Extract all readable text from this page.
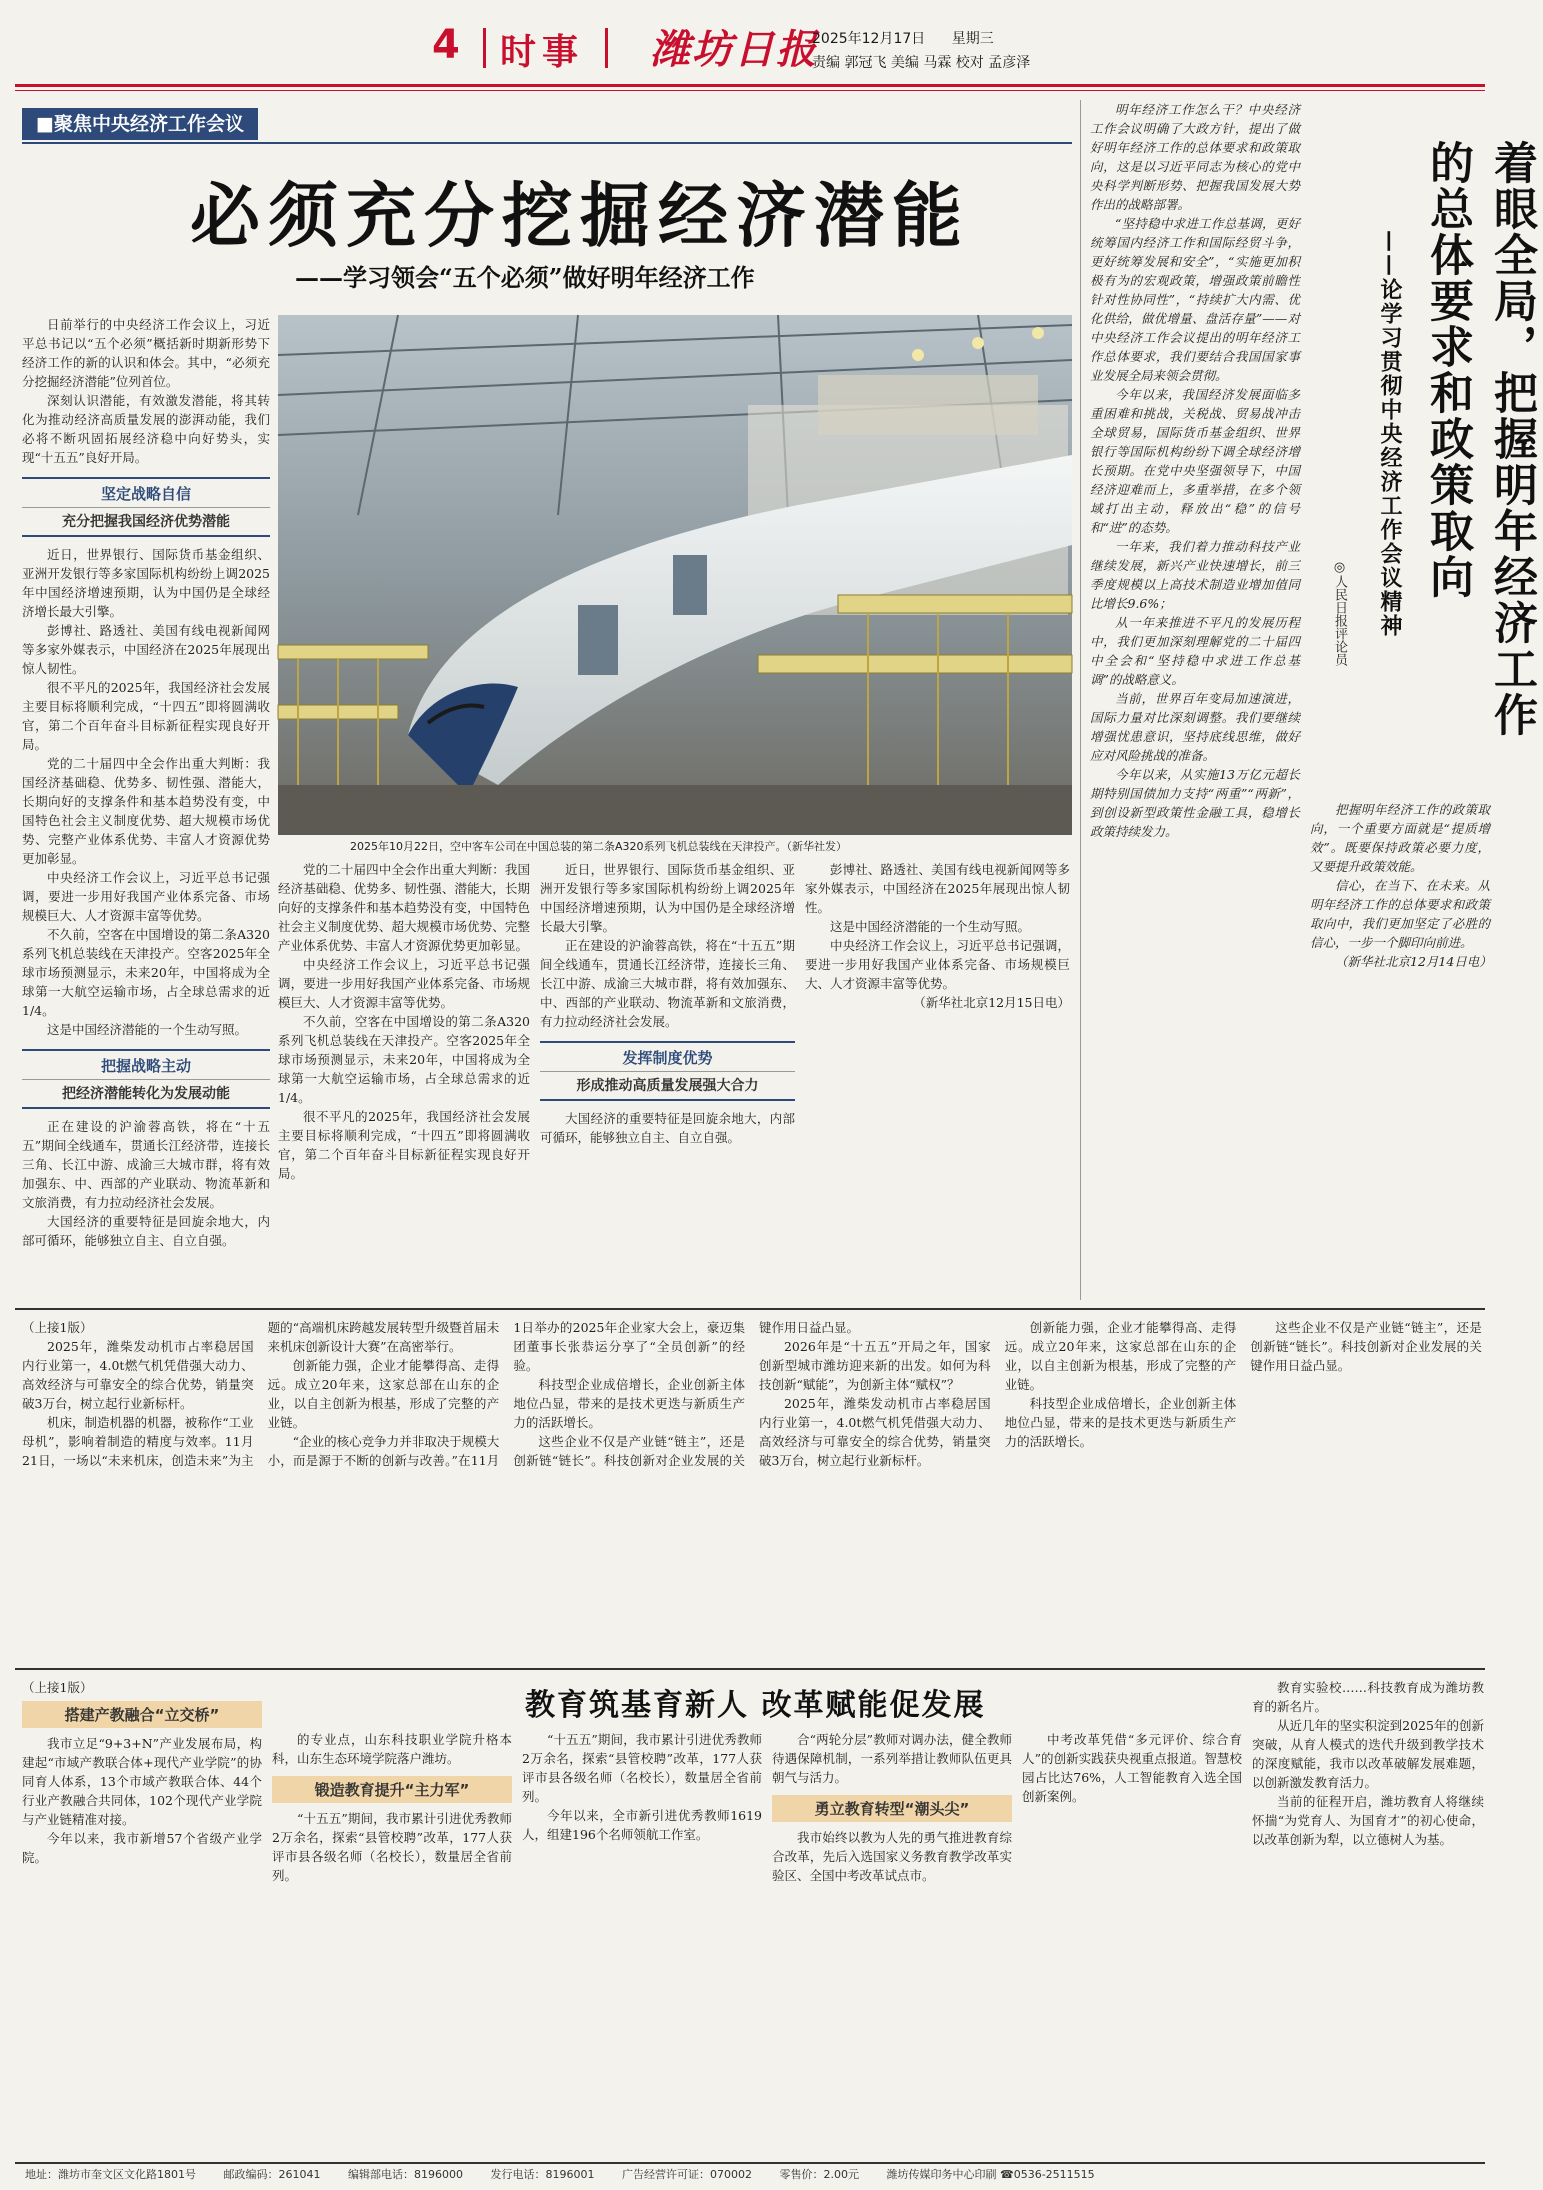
4 时事 潍坊日报
2025年12月17日 星期三
责编 郭冠飞 美编 马霖 校对 孟彦泽
■聚焦中央经济工作会议
必须充分挖掘经济潜能
——学习领会“五个必须”做好明年经济工作
2025年10月22日，空中客车公司在中国总装的第二条A320系列飞机总装线在天津投产。（新华社发）

日前举行的中央经济工作会议上，习近平总书记以“五个必须”概括新时期新形势下经济工作的新的认识和体会。其中，“必须充分挖掘经济潜能”位列首位。

深刻认识潜能，有效激发潜能，将其转化为推动经济高质量发展的澎湃动能，我们必将不断巩固拓展经济稳中向好势头，实现“十五五”良好开局。

坚定战略自信
充分把握我国经济优势潜能

近日，世界银行、国际货币基金组织、亚洲开发银行等多家国际机构纷纷上调2025年中国经济增速预期，认为中国仍是全球经济增长最大引擎。

彭博社、路透社、美国有线电视新闻网等多家外媒表示，中国经济在2025年展现出惊人韧性。

很不平凡的2025年，我国经济社会发展主要目标将顺利完成，“十四五”即将圆满收官，第二个百年奋斗目标新征程实现良好开局。

党的二十届四中全会作出重大判断：我国经济基础稳、优势多、韧性强、潜能大，长期向好的支撑条件和基本趋势没有变，中国特色社会主义制度优势、超大规模市场优势、完整产业体系优势、丰富人才资源优势更加彰显。

中央经济工作会议上，习近平总书记强调，要进一步用好我国产业体系完备、市场规模巨大、人才资源丰富等优势。

不久前，空客在中国增设的第二条A320系列飞机总装线在天津投产。空客2025年全球市场预测显示，未来20年，中国将成为全球第一大航空运输市场，占全球总需求的近1/4。

这是中国经济潜能的一个生动写照。

把握战略主动
把经济潜能转化为发展动能

正在建设的沪渝蓉高铁，将在“十五五”期间全线通车，贯通长江经济带，连接长三角、长江中游、成渝三大城市群，将有效加强东、中、西部的产业联动、物流革新和文旅消费，有力拉动经济社会发展。

大国经济的重要特征是回旋余地大，内部可循环，能够独立自主、自立自强。

党的二十届四中全会作出重大判断：我国经济基础稳、优势多、韧性强、潜能大，长期向好的支撑条件和基本趋势没有变，中国特色社会主义制度优势、超大规模市场优势、完整产业体系优势、丰富人才资源优势更加彰显。

中央经济工作会议上，习近平总书记强调，要进一步用好我国产业体系完备、市场规模巨大、人才资源丰富等优势。

不久前，空客在中国增设的第二条A320系列飞机总装线在天津投产。空客2025年全球市场预测显示，未来20年，中国将成为全球第一大航空运输市场，占全球总需求的近1/4。

很不平凡的2025年，我国经济社会发展主要目标将顺利完成，“十四五”即将圆满收官，第二个百年奋斗目标新征程实现良好开局。

近日，世界银行、国际货币基金组织、亚洲开发银行等多家国际机构纷纷上调2025年中国经济增速预期，认为中国仍是全球经济增长最大引擎。

正在建设的沪渝蓉高铁，将在“十五五”期间全线通车，贯通长江经济带，连接长三角、长江中游、成渝三大城市群，将有效加强东、中、西部的产业联动、物流革新和文旅消费，有力拉动经济社会发展。

发挥制度优势
形成推动高质量发展强大合力

大国经济的重要特征是回旋余地大，内部可循环，能够独立自主、自立自强。

彭博社、路透社、美国有线电视新闻网等多家外媒表示，中国经济在2025年展现出惊人韧性。

这是中国经济潜能的一个生动写照。

中央经济工作会议上，习近平总书记强调，要进一步用好我国产业体系完备、市场规模巨大、人才资源丰富等优势。

（新华社北京12月15日电）

明年经济工作怎么干？中央经济工作会议明确了大政方针，提出了做好明年经济工作的总体要求和政策取向，这是以习近平同志为核心的党中央科学判断形势、把握我国发展大势作出的战略部署。

“坚持稳中求进工作总基调，更好统筹国内经济工作和国际经贸斗争，更好统筹发展和安全”，“实施更加积极有为的宏观政策，增强政策前瞻性针对性协同性”，“持续扩大内需、优化供给，做优增量、盘活存量”——对中央经济工作会议提出的明年经济工作总体要求，我们要结合我国国家事业发展全局来领会贯彻。

今年以来，我国经济发展面临多重困难和挑战，关税战、贸易战冲击全球贸易，国际货币基金组织、世界银行等国际机构纷纷下调全球经济增长预期。在党中央坚强领导下，中国经济迎难而上，多重举措，在多个领域打出主动，释放出“稳”的信号和“进”的态势。

一年来，我们着力推动科技产业继续发展，新兴产业快速增长，前三季度规模以上高技术制造业增加值同比增长9.6%；

从一年来推进不平凡的发展历程中，我们更加深刻理解党的二十届四中全会和“坚持稳中求进工作总基调”的战略意义。

当前，世界百年变局加速演进，国际力量对比深刻调整。我们要继续增强忧患意识，坚持底线思维，做好应对风险挑战的准备。

今年以来，从实施13万亿元超长期特别国债加力支持“两重”“两新”，到创设新型政策性金融工具，稳增长政策持续发力。

着眼全局，把握明年经济工作的总体要求和政策取向
——论学习贯彻中央经济工作会议精神
◎人民日报评论员

把握明年经济工作的政策取向，一个重要方面就是“提质增效”。既要保持政策必要力度，又要提升政策效能。

信心，在当下、在未来。从明年经济工作的总体要求和政策取向中，我们更加坚定了必胜的信心，一步一个脚印向前进。

（新华社北京12月14日电）

（上接1版）

2025年，潍柴发动机市占率稳居国内行业第一，4.0t燃气机凭借强大动力、高效经济与可靠安全的综合优势，销量突破3万台，树立起行业新标杆。

机床，制造机器的机器，被称作“工业母机”，影响着制造的精度与效率。11月21日，一场以“未来机床，创造未来”为主题的“高端机床跨越发展转型升级暨首届未来机床创新设计大赛”在高密举行。

创新能力强，企业才能攀得高、走得远。成立20年来，这家总部在山东的企业，以自主创新为根基，形成了完整的产业链。

“企业的核心竞争力并非取决于规模大小，而是源于不断的创新与改善。”在11月1日举办的2025年企业家大会上，豪迈集团董事长张恭运分享了“全员创新”的经验。

科技型企业成倍增长，企业创新主体地位凸显，带来的是技术更迭与新质生产力的活跃增长。

这些企业不仅是产业链“链主”，还是创新链“链长”。科技创新对企业发展的关键作用日益凸显。

2026年是“十五五”开局之年，国家创新型城市潍坊迎来新的出发。如何为科技创新“赋能”，为创新主体“赋权”？

2025年，潍柴发动机市占率稳居国内行业第一，4.0t燃气机凭借强大动力、高效经济与可靠安全的综合优势，销量突破3万台，树立起行业新标杆。

创新能力强，企业才能攀得高、走得远。成立20年来，这家总部在山东的企业，以自主创新为根基，形成了完整的产业链。

科技型企业成倍增长，企业创新主体地位凸显，带来的是技术更迭与新质生产力的活跃增长。

这些企业不仅是产业链“链主”，还是创新链“链长”。科技创新对企业发展的关键作用日益凸显。

教育筑基育新人 改革赋能促发展

（上接1版）

搭建产教融合“立交桥”

我市立足“9+3+N”产业发展布局，构建起“市域产教联合体+现代产业学院”的协同育人体系，13个市域产教联合体、44个行业产教融合共同体，102个现代产业学院与产业链精准对接。

今年以来，我市新增57个省级产业学院。

的专业点，山东科技职业学院升格本科，山东生态环境学院落户潍坊。

锻造教育提升“主力军”

“十五五”期间，我市累计引进优秀教师2万余名，探索“县管校聘”改革，177人获评市县各级名师（名校长），数量居全省前列。

“十五五”期间，我市累计引进优秀教师2万余名，探索“县管校聘”改革，177人获评市县各级名师（名校长），数量居全省前列。

今年以来，全市新引进优秀教师1619人，组建196个名师领航工作室。

合“两轮分层”教师对调办法，健全教师待遇保障机制，一系列举措让教师队伍更具朝气与活力。

勇立教育转型“潮头尖”

我市始终以教为人先的勇气推进教育综合改革，先后入选国家义务教育教学改革实验区、全国中考改革试点市。

中考改革凭借“多元评价、综合育人”的创新实践获央视重点报道。智慧校园占比达76%，人工智能教育入选全国创新案例。

教育实验校……科技教育成为潍坊教育的新名片。

从近几年的坚实积淀到2025年的创新突破，从育人模式的迭代升级到教学技术的深度赋能，我市以改革破解发展难题，以创新激发教育活力。

当前的征程开启，潍坊教育人将继续怀揣“为党育人、为国育才”的初心使命，以改革创新为犁，以立德树人为基。

地址：潍坊市奎文区文化路1801号	邮政编码：261041	编辑部电话：8196000	发行电话：8196001	广告经营许可证：070002	零售价：2.00元	潍坊传媒印务中心印刷 ☎0536-2511515
